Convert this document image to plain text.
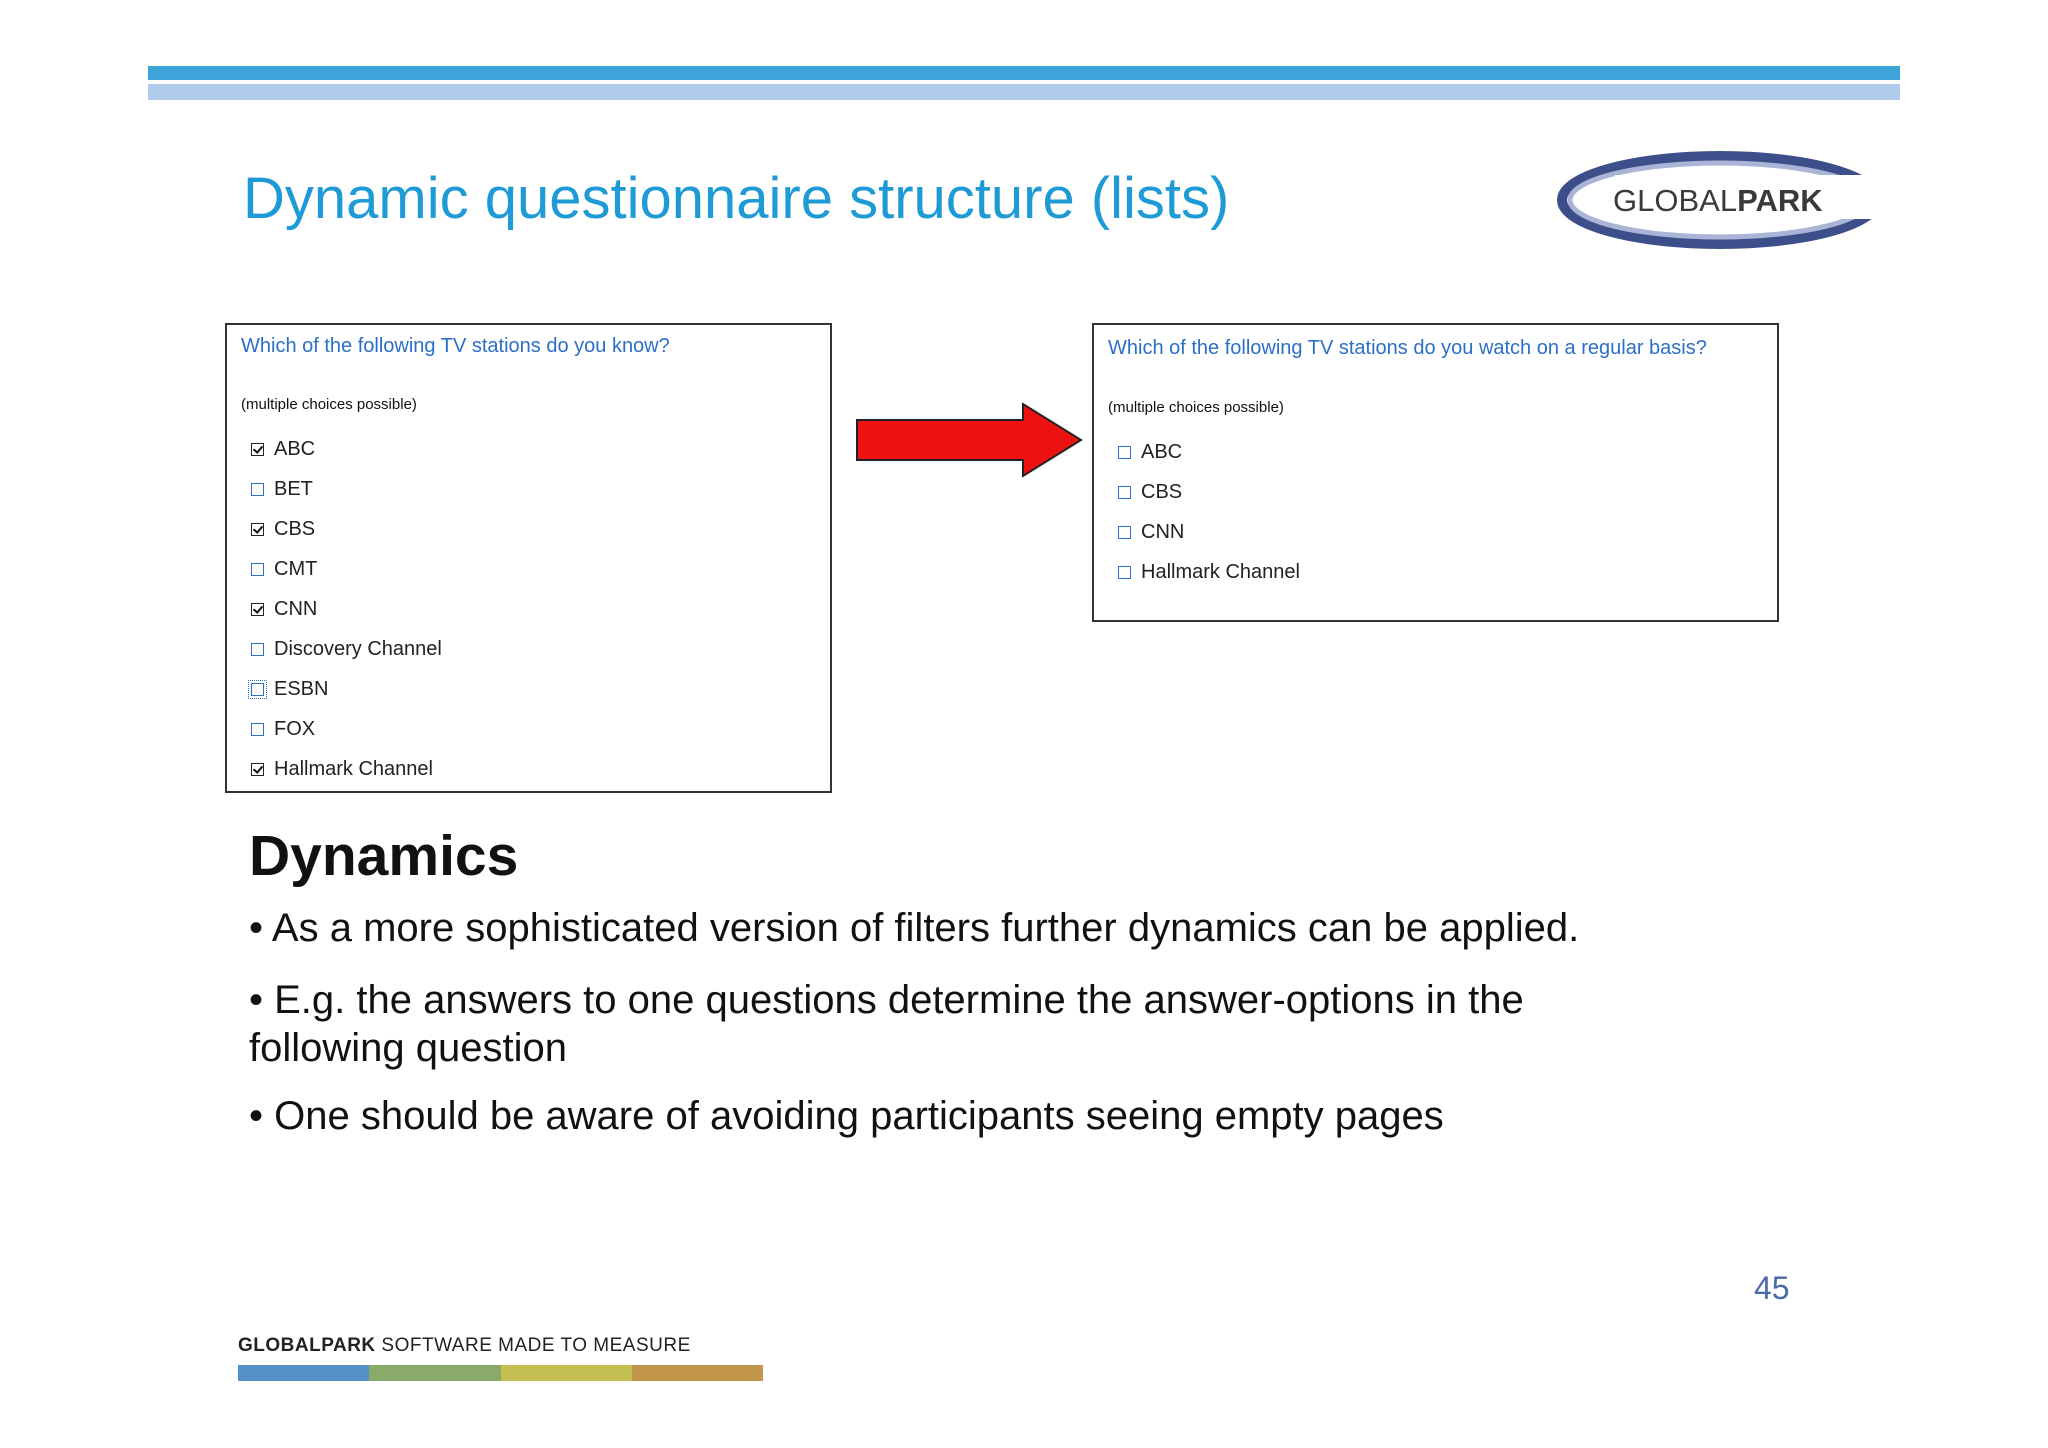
Dynamic questionnaire structure (lists)	GLOBALPARK
Which of the following TV stations do you know?
(multiple choices possible)
ABC
BET
CBS
CMT
CNN
Discovery Channel
ESBN
FOX
Hallmark Channel
Which of the following TV stations do you watch on a regular basis?
(multiple choices possible)
ABC
CBS
CNN
Hallmark Channel
Dynamics
• As a more sophisticated version of filters further dynamics can be applied.
• E.g. the answers to one questions determine the answer-options in the following question
• One should be aware of avoiding participants seeing empty pages
45
GLOBALPARK SOFTWARE MADE TO MEASURE
